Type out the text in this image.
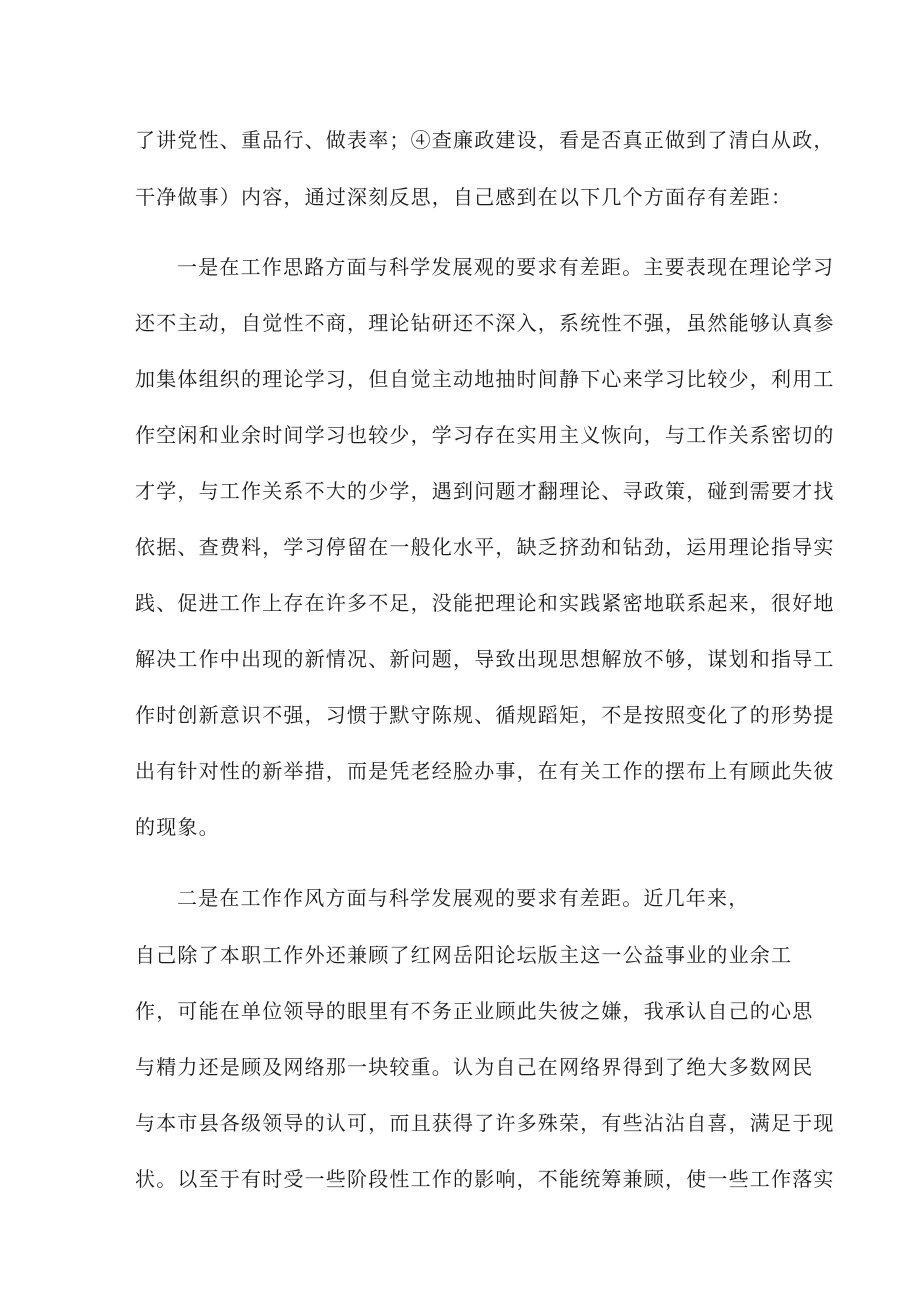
了讲党性、重品行、做表率；④查廉政建设，看是否真正做到了清白从政，
干净做事）内容，通过深刻反思，自己感到在以下几个方面存有差距：
一是在工作思路方面与科学发展观的要求有差距。主要表现在理论学习
还不主动，自觉性不商，理论钻研还不深入，系统性不强，虽然能够认真参
加集体组织的理论学习，但自觉主动地抽时间静下心来学习比较少，利用工
作空闲和业余时间学习也较少，学习存在实用主义恢向，与工作关系密切的
才学，与工作关系不大的少学，遇到问题才翻理论、寻政策，碰到需要才找
依据、查费料，学习停留在一般化水平，缺乏挤劲和钻劲，运用理论指导实
践、促进工作上存在许多不足，没能把理论和实践紧密地联系起来，很好地
解决工作中出现的新情况、新问题，导致出现思想解放不够，谋划和指导工
作时创新意识不强，习惯于默守陈规、循规蹈矩，不是按照变化了的形势提
出有针对性的新举措，而是凭老经脸办事，在有关工作的摆布上有顾此失彼
的现象。
二是在工作作风方面与科学发展观的要求有差距。近几年来，
自己除了本职工作外还兼顾了红网岳阳论坛版主这一公益事业的业余工
作，可能在单位领导的眼里有不务正业顾此失彼之嫌，我承认自己的心思
与精力还是顾及网络那一块较重。认为自己在网络界得到了绝大多数网民
与本市县各级领导的认可，而且获得了许多殊荣，有些沾沾自喜，满足于现
状。以至于有时受一些阶段性工作的影响，不能统筹兼顾，使一些工作落实
